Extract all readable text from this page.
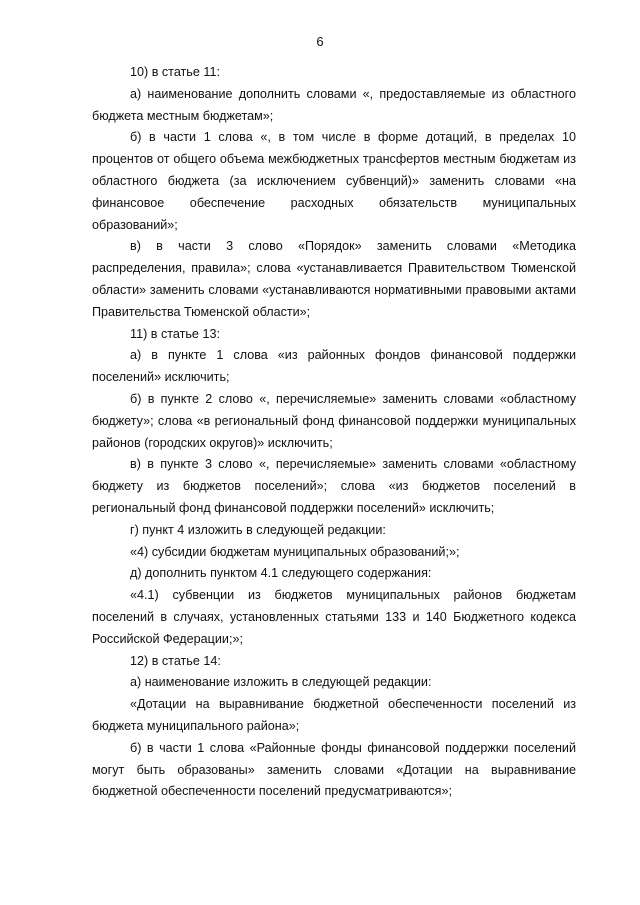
6

10) в статье 11:

а) наименование дополнить словами «, предоставляемые из областного бюджета местным бюджетам»;

б) в части 1 слова «, в том числе в форме дотаций, в пределах 10 процентов от общего объема межбюджетных трансфертов местным бюджетам из областного бюджета (за исключением субвенций)» заменить словами «на финансовое обеспечение расходных обязательств муниципальных образований»;

в) в части 3 слово «Порядок» заменить словами «Методика распределения, правила»; слова «устанавливается Правительством Тюменской области» заменить словами «устанавливаются нормативными правовыми актами Правительства Тюменской области»;

11) в статье 13:

а) в пункте 1 слова «из районных фондов финансовой поддержки поселений» исключить;

б) в пункте 2 слово «, перечисляемые» заменить словами «областному бюджету»; слова «в региональный фонд финансовой поддержки муниципальных районов (городских округов)» исключить;

в) в пункте 3 слово «, перечисляемые» заменить словами «областному бюджету из бюджетов поселений»; слова «из бюджетов поселений в региональный фонд финансовой поддержки поселений» исключить;

г) пункт 4 изложить в следующей редакции:

«4) субсидии бюджетам муниципальных образований;»;

д) дополнить пунктом 4.1 следующего содержания:

«4.1) субвенции из бюджетов муниципальных районов бюджетам поселений в случаях, установленных статьями 133 и 140 Бюджетного кодекса Российской Федерации;»;

12) в статье 14:

а) наименование изложить в следующей редакции:

«Дотации на выравнивание бюджетной обеспеченности поселений из бюджета муниципального района»;

б) в части 1 слова «Районные фонды финансовой поддержки поселений могут быть образованы» заменить словами «Дотации на выравнивание бюджетной обеспеченности поселений предусматриваются»;
